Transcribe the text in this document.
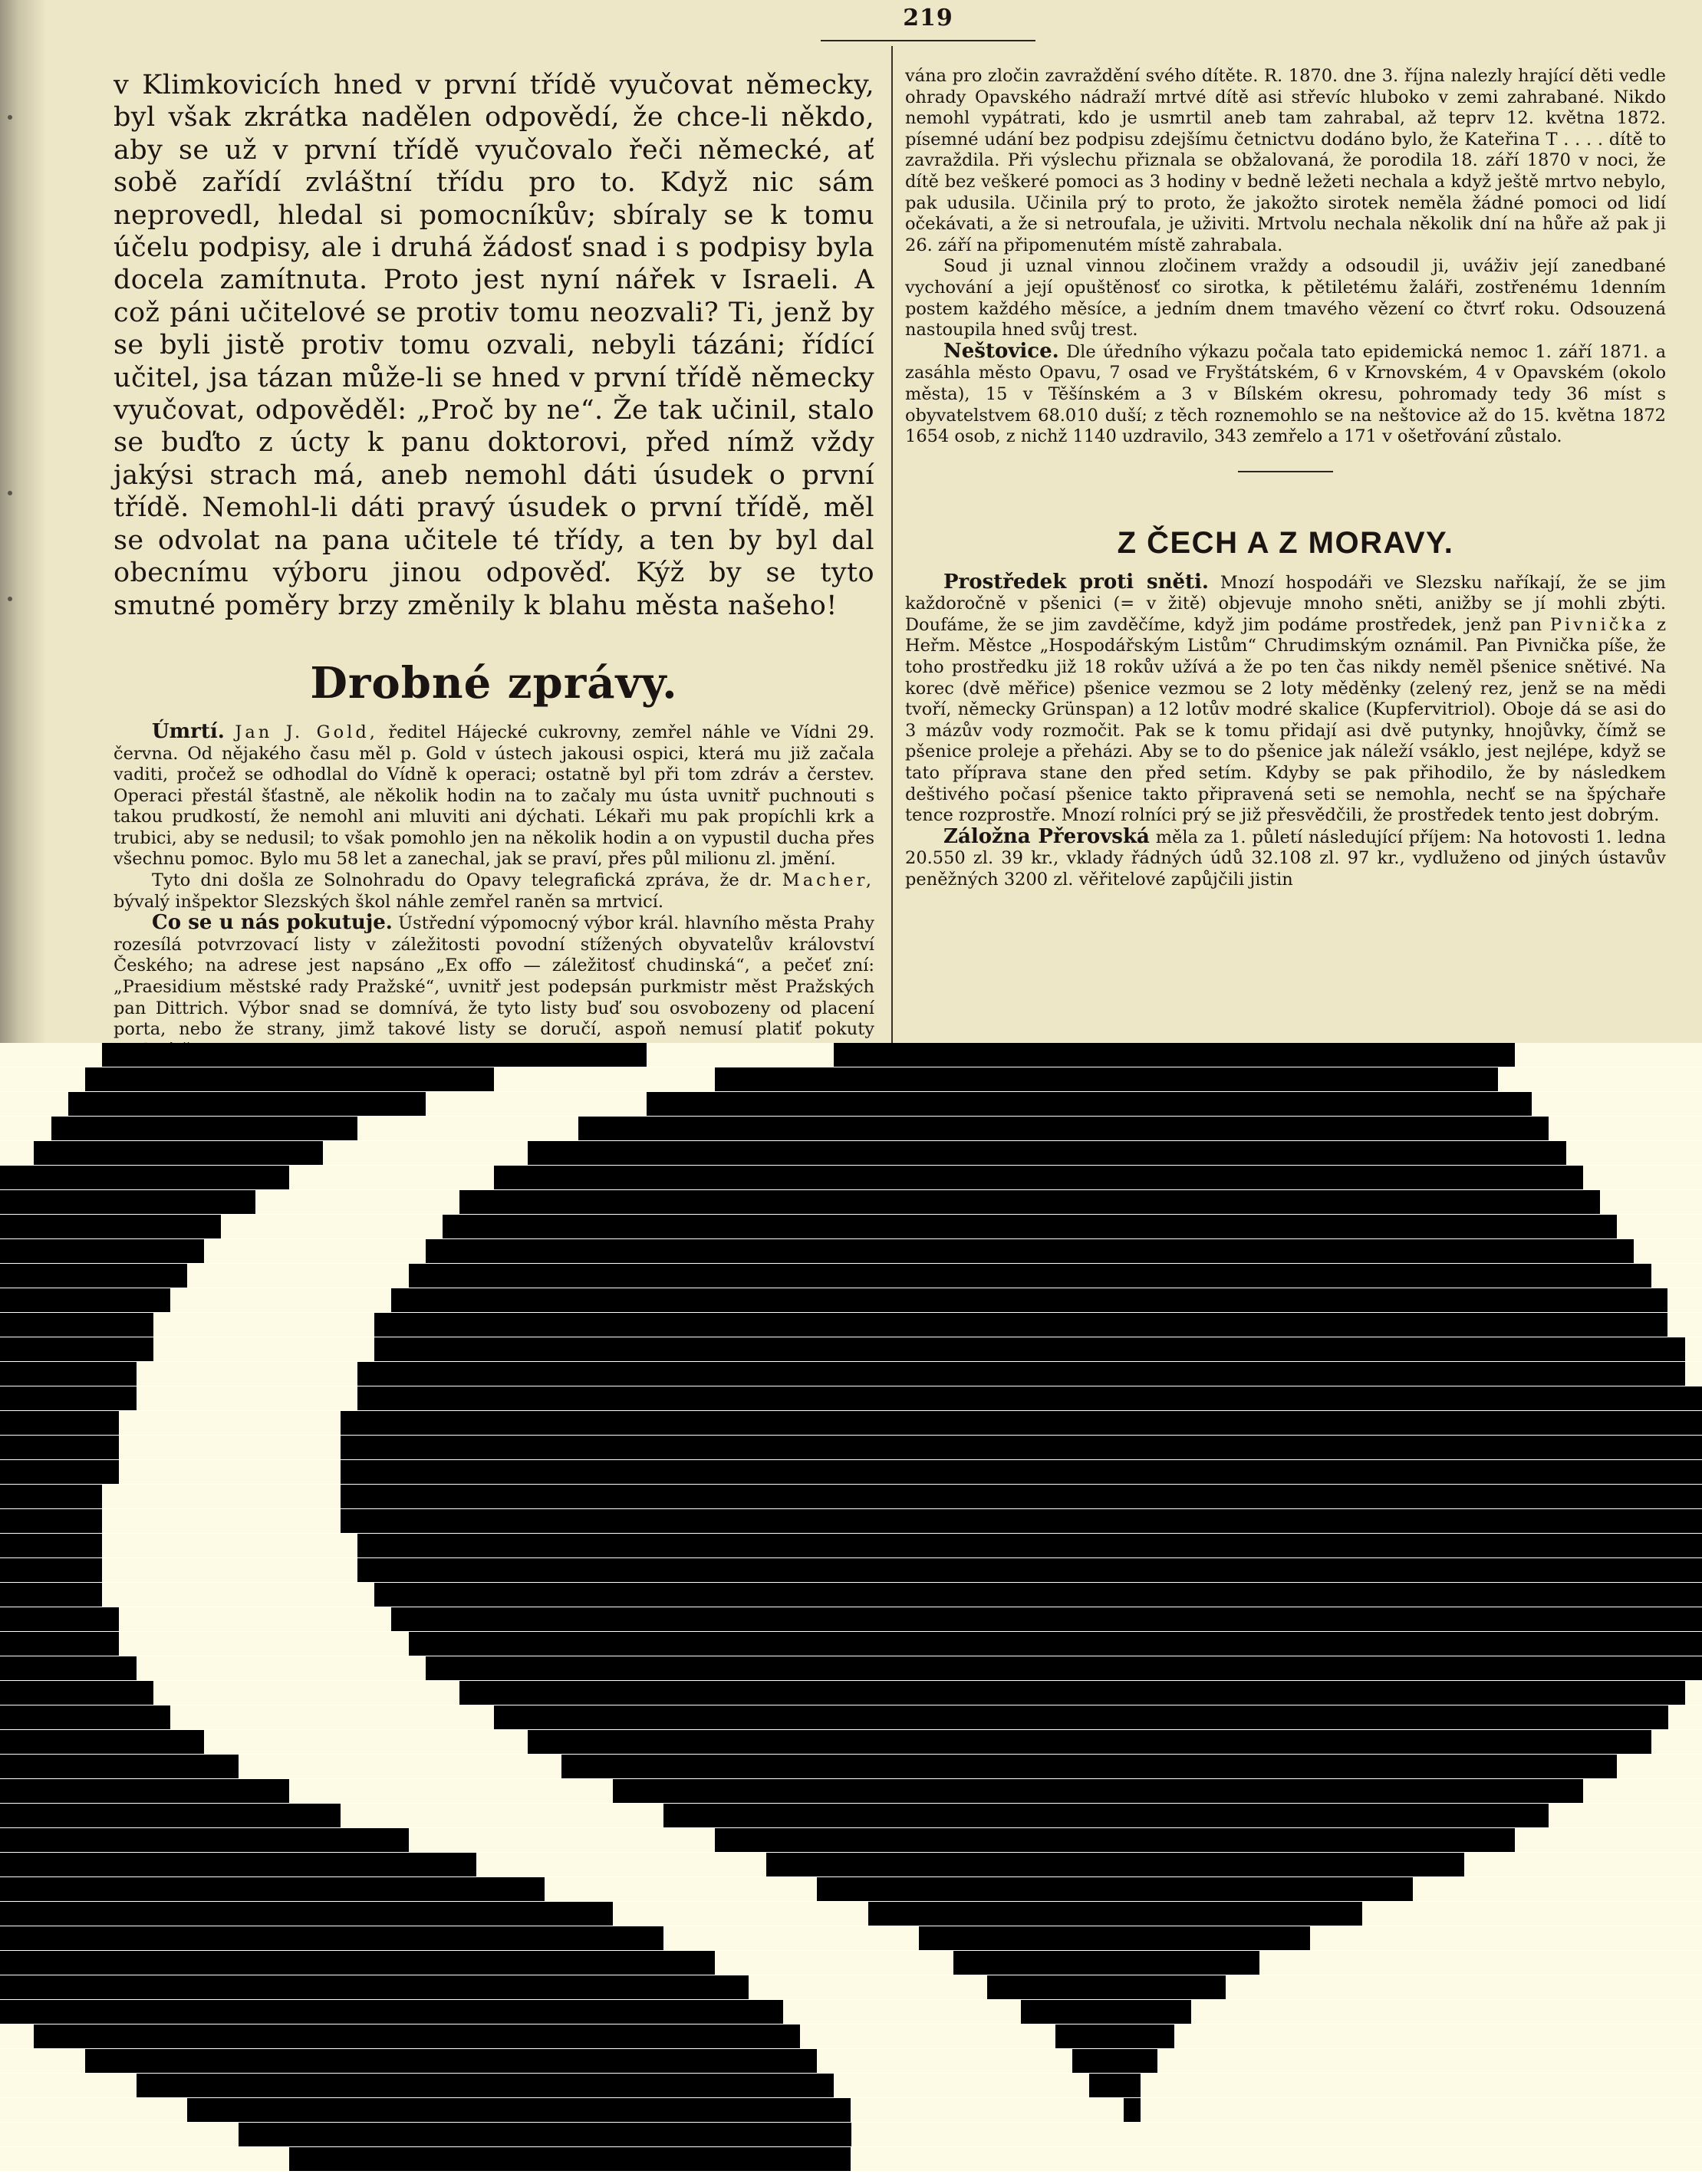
219

v Klimkovicích hned v první třídě vyučovat německy, byl však zkrátka nadělen odpovědí, že chce-li někdo, aby se už v první třídě vyučovalo řeči německé, ať sobě zařídí zvláštní třídu pro to. Když nic sám neprovedl, hledal si pomocníkův; sbíraly se k tomu účelu podpisy, ale i druhá žádosť snad i s podpisy byla docela zamítnuta. Proto jest nyní nářek v Israeli. A což páni učitelové se protiv tomu neozvali? Ti, jenž by se byli jistě protiv tomu ozvali, nebyli tázáni; řídící učitel, jsa tázan může-li se hned v první třídě německy vyučovat, odpověděl: „Proč by ne“. Že tak učinil, stalo se buďto z úcty k panu doktorovi, před nímž vždy jakýsi strach má, aneb nemohl dáti úsudek o první třídě. Nemohl-li dáti pravý úsudek o první třídě, měl se odvolat na pana učitele té třídy, a ten by byl dal obecnímu výboru jinou odpověď. Kýž by se tyto smutné poměry brzy změnily k blahu města našeho!

Drobné zprávy.

Úmrtí. Jan J. Gold, ředitel Hájecké cukrovny, zemřel náhle ve Vídni 29. června. Od nějakého času měl p. Gold v ústech jakousi ospici, která mu již začala vaditi, pročež se odhodlal do Vídně k operaci; ostatně byl při tom zdráv a čerstev. Operaci přestál šťastně, ale několik hodin na to začaly mu ústa uvnitř puchnouti s takou prudkostí, že nemohl ani mluviti ani dýchati. Lékaři mu pak propíchli krk a trubici, aby se nedusil; to však pomohlo jen na několik hodin a on vypustil ducha přes všechnu pomoc. Bylo mu 58 let a zanechal, jak se praví, přes půl milionu zl. jmění.

Tyto dni došla ze Solnohradu do Opavy telegrafická zpráva, že dr. Macher, bývalý inšpektor Slezských škol náhle zemřel raněn sa mrtvicí.

Co se u nás pokutuje. Ústřední výpomocný výbor král. hlavního města Prahy rozesílá potvrzovací listy v záležitosti povodní stížených obyvatelův království Českého; na adrese jest napsáno „Ex offo — záležitosť chudinská“, a pečeť zní: „Praesidium městské rady Pražské“, uvnitř jest podepsán purkmistr měst Pražských pan Dittrich. Výbor snad se domnívá, že tyto listy buď sou osvobozeny od placení porta, nebo že strany, jimž takové listy se doručí, aspoň nemusí platiť pokuty

vána pro zločin zavraždění svého dítěte. R. 1870. dne 3. října nalezly hrající děti vedle ohrady Opavského nádraží mrtvé dítě asi střevíc hluboko v zemi zahrabané. Nikdo nemohl vypátrati, kdo je usmrtil aneb tam zahrabal, až teprv 12. května 1872. písemné udání bez podpisu zdejšímu četnictvu dodáno bylo, že Kateřina T . . . . dítě to zavraždila. Při výslechu přiznala se obžalovaná, že porodila 18. září 1870 v noci, že dítě bez veškeré pomoci as 3 hodiny v bedně ležeti nechala a když ještě mrtvo nebylo, pak udusila. Učinila prý to proto, že jakožto sirotek neměla žádné pomoci od lidí očekávati, a že si netroufala, je uživiti. Mrtvolu nechala několik dní na hůře až pak ji 26. září na připomenutém místě zahrabala.

Soud ji uznal vinnou zločinem vraždy a odsoudil ji, uváživ její zanedbané vychování a její opuštěnosť co sirotka, k pětiletému žaláři, zostřenému 1denním postem každého měsíce, a jedním dnem tmavého vězení co čtvrť roku. Odsouzená nastoupila hned svůj trest.

Neštovice. Dle úředního výkazu počala tato epidemická nemoc 1. září 1871. a zasáhla město Opavu, 7 osad ve Fryštátském, 6 v Krnovském, 4 v Opavském (okolo města), 15 v Těšínském a 3 v Bílském okresu, pohromady tedy 36 míst s obyvatelstvem 68.010 duší; z těch roznemohlo se na neštovice až do 15. května 1872 1654 osob, z nichž 1140 uzdravilo, 343 zemřelo a 171 v ošetřování zůstalo.

Z ČECH A Z MORAVY.

Prostředek proti sněti. Mnozí hospodáři ve Slezsku naříkají, že se jim každoročně v pšenici (= v žitě) objevuje mnoho sněti, anižby se jí mohli zbýti. Doufáme, že se jim zavděčíme, když jim podáme prostředek, jenž pan Pivnička z Heřm. Městce „Hospodářským Listům“ Chrudimským oznámil. Pan Pivnička píše, že toho prostředku již 18 rokův užívá a že po ten čas nikdy neměl pšenice snětivé. Na korec (dvě měřice) pšenice vezmou se 2 loty měděnky (zelený rez, jenž se na mědi tvoří, německy Grünspan) a 12 lotův modré skalice (Kupfervitriol). Oboje dá se asi do 3 mázův vody rozmočit. Pak se k tomu přidají asi dvě putynky, hnojůvky, čímž se pšenice proleje a přeházi. Aby se to do pšenice jak náleží vsáklo, jest nejlépe, když se tato příprava stane den před setím. Kdyby se pak přihodilo, že by následkem deštivého počasí pšenice takto připravená seti se nemohla, nechť se na špýchaře tence rozprostře. Mnozí rolníci prý se již přesvědčili, že prostředek tento jest dobrým.

Záložna Přerovská měla za 1. půletí následující příjem: Na hotovosti 1. ledna 20.550 zl. 39 kr., vklady řádných údů 32.108 zl. 97 kr., vydluženo od jiných ústavův peněžných 3200 zl. věřitelové zapůjčili jistin
